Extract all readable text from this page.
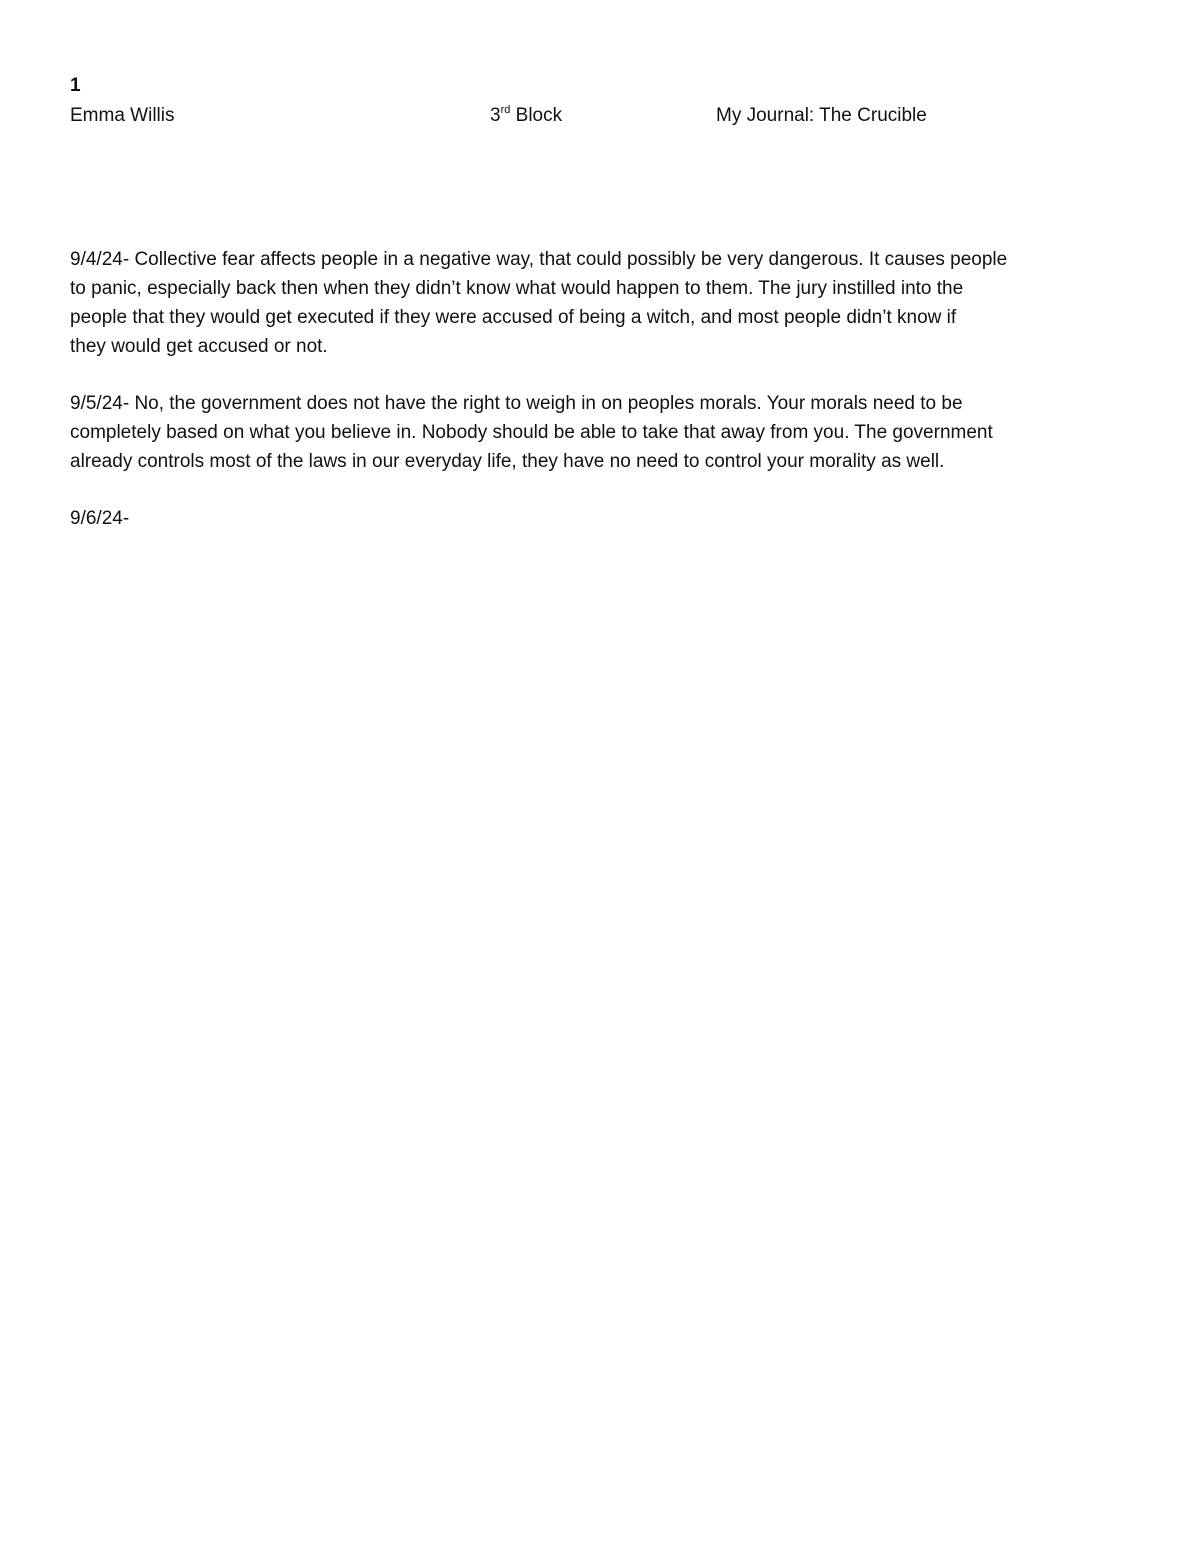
1
Emma Willis	3rd Block	My Journal: The Crucible

9/4/24- Collective fear affects people in a negative way, that could possibly be very dangerous. It causes people
to panic, especially back then when they didn’t know what would happen to them. The jury instilled into the
people that they would get executed if they were accused of being a witch, and most people didn’t know if
they would get accused or not.

9/5/24- No, the government does not have the right to weigh in on peoples morals. Your morals need to be
completely based on what you believe in. Nobody should be able to take that away from you. The government
already controls most of the laws in our everyday life, they have no need to control your morality as well.

9/6/24-
